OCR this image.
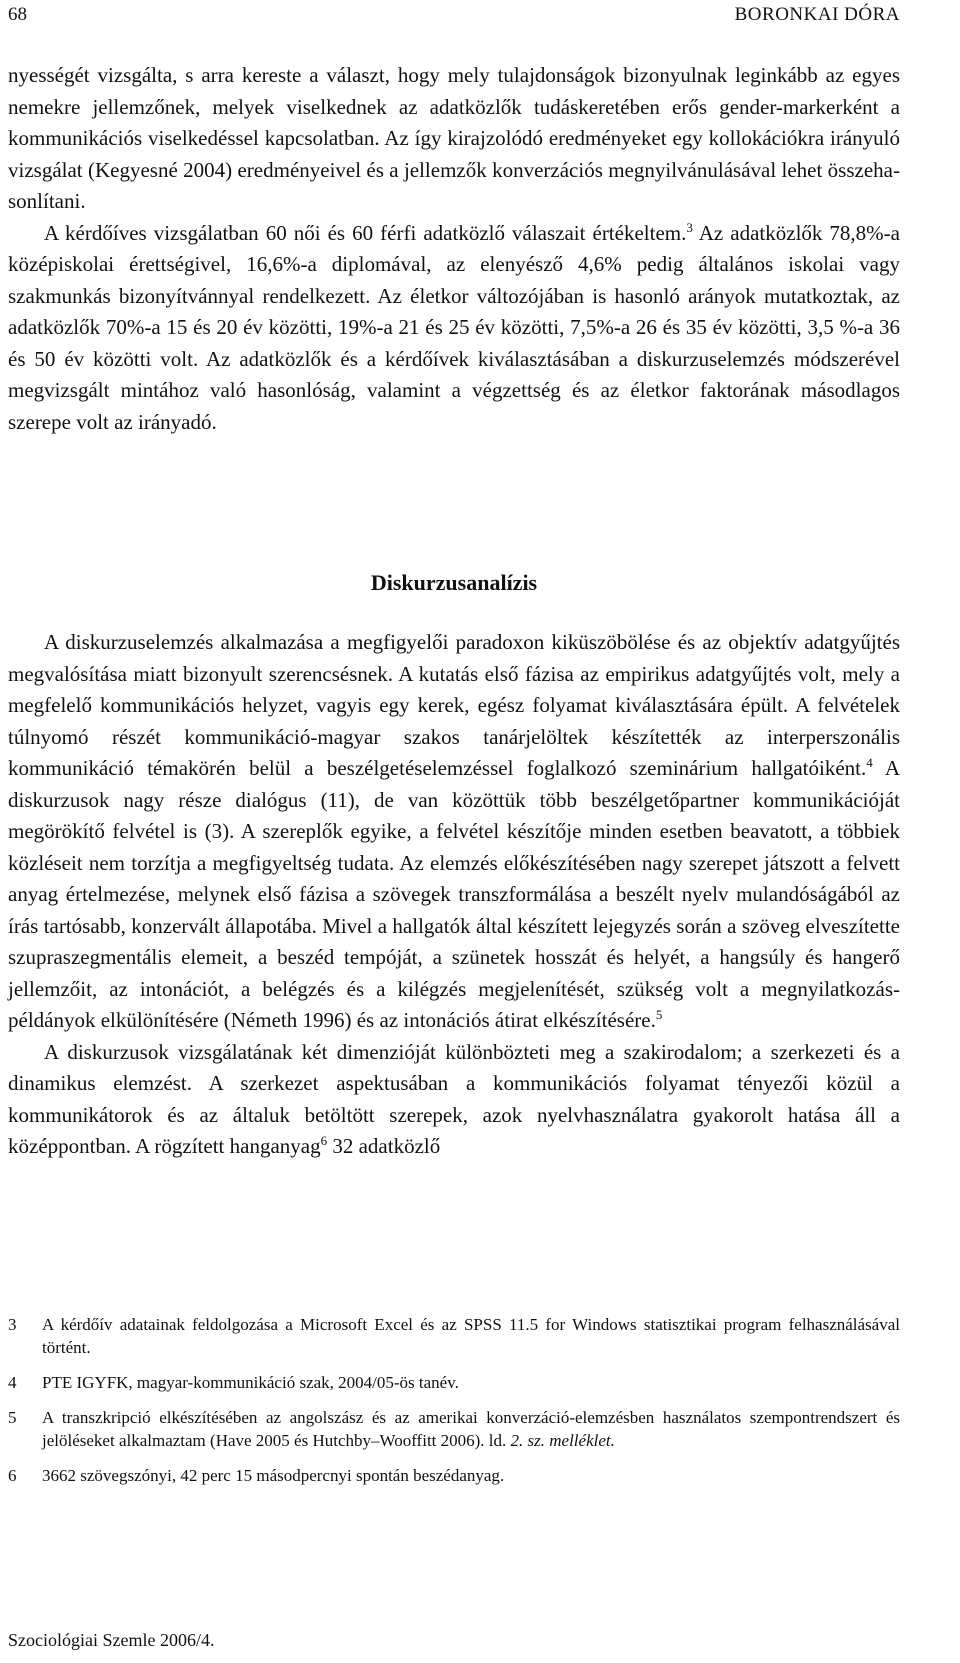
68	BORONKAI DÓRA

nyességét vizsgálta, s arra kereste a választ, hogy mely tulajdonságok bizonyulnak leginkább az egyes nemekre jellemzőnek, melyek viselkednek az adatközlők tudáskeretében erős gender-markerként a kommunikációs viselkedéssel kapcsolatban. Az így kirajzolódó eredményeket egy kollokációkra irányuló vizsgálat (Kegyesné 2004) eredményeivel és a jellemzők konverzációs megnyilvánulásával lehet összehasonlítani.

A kérdőíves vizsgálatban 60 női és 60 férfi adatközlő válaszait értékeltem.$^3$ Az adatközlők 78,8%-a középiskolai érettségivel, 16,6%-a diplomával, az elenyésző 4,6% pedig általános iskolai vagy szakmunkás bizonyítvánnyal rendelkezett. Az életkor változójában is hasonló arányok mutatkoztak, az adatközlők 70%-a 15 és 20 év közötti, 19%-a 21 és 25 év közötti, 7,5%-a 26 és 35 év közötti, 3,5 %-a 36 és 50 év közötti volt. Az adatközlők és a kérdőívek kiválasztásában a diskurzuselemzés módszerével megvizsgált mintához való hasonlóság, valamint a végzettség és az életkor faktorának másodlagos szerepe volt az irányadó.

Diskurzusanalízis

A diskurzuselemzés alkalmazása a megfigyelői paradoxon kiküszöbölése és az objektív adatgyűjtés megvalósítása miatt bizonyult szerencsésnek. A kutatás első fázisa az empirikus adatgyűjtés volt, mely a megfelelő kommunikációs helyzet, vagyis egy kerek, egész folyamat kiválasztására épült. A felvételek túlnyomó részét kommunikáció-magyar szakos tanárjelöltek készítették az interperszonális kommunikáció témakörén belül a beszélgetéselemzéssel foglalkozó szeminárium hallgatóiként.$^4$ A diskurzusok nagy része dialógus (11), de van közöttük több beszélgetőpartner kommunikációját megörökítő felvétel is (3). A szereplők egyike, a felvétel készítője minden esetben beavatott, a többiek közléseit nem torzítja a megfigyeltség tudata. Az elemzés előkészítésében nagy szerepet játszott a felvett anyag értelmezése, melynek első fázisa a szövegek transzformálása a beszélt nyelv mulandóságából az írás tartósabb, konzervált állapotába. Mivel a hallgatók által készített lejegyzés során a szöveg elveszítette szupraszegmentális elemeit, a beszéd tempóját, a szünetek hosszát és helyét, a hangsúly és hangerő jellemzőit, az intonációt, a belégzés és a kilégzés megjelenítését, szükség volt a megnyilatkozás-példányok elkülönítésére (Németh 1996) és az intonációs átirat elkészítésére.$^5$

A diskurzusok vizsgálatának két dimenzióját különbözteti meg a szakirodalom; a szerkezeti és a dinamikus elemzést. A szerkezet aspektusában a kommunikációs folyamat tényezői közül a kommunikátorok és az általuk betöltött szerepek, azok nyelvhasználatra gyakorolt hatása áll a középpontban. A rögzített hanganyag$^6$ 32 adatközlő

3	A kérdőív adatainak feldolgozása a Microsoft Excel és az SPSS 11.5 for Windows statisztikai program felhasználásával történt.
4	PTE IGYFK, magyar-kommunikáció szak, 2004/05-ös tanév.
5	A transzkripció elkészítésében az angolszász és az amerikai konverzáció-elemzésben használatos szempontrendszert és jelöléseket alkalmaztam (Have 2005 és Hutchby–Wooffitt 2006). ld. 2. sz. melléklet.
6	3662 szövegszónyi, 42 perc 15 másodpercnyi spontán beszédanyag.
Szociológiai Szemle 2006/4.
